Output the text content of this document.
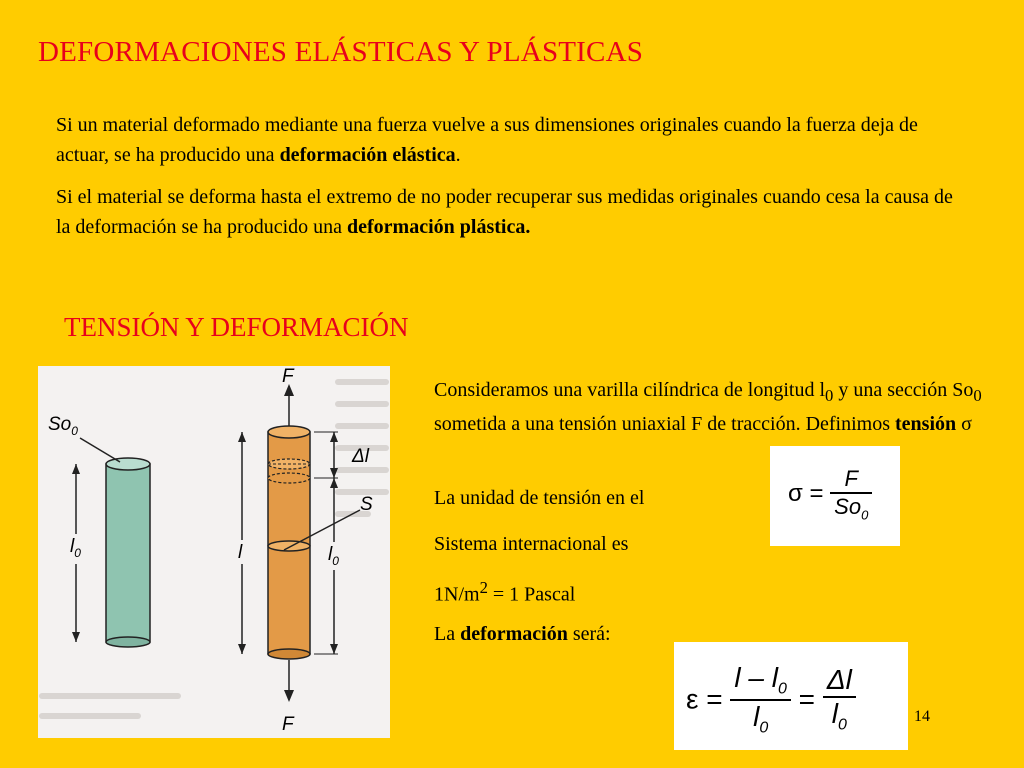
DEFORMACIONES ELÁSTICAS Y PLÁSTICAS
Si un material deformado mediante una fuerza vuelve a sus dimensiones originales cuando la fuerza deja de actuar, se ha producido una deformación elástica.
Si el material se deforma hasta el extremo de no poder recuperar sus medidas originales cuando cesa la causa de la deformación se ha producido una deformación plástica.
TENSIÓN Y DEFORMACIÓN
$So_0$
$l_0$
F
F
Δl
S
l	$l_0$
Consideramos una varilla cilíndrica de longitud $l_0$ y una sección $So_0$ sometida a una tensión uniaxial F de tracción. Definimos tensión σ
La unidad de tensión en el
Sistema internacional es
$1N/m^2 = 1$ Pascal
La deformación será:
$\sigma = \frac{F}{So_0}$
$\varepsilon = \frac{l - l_0}{l_0} = \frac{\Delta l}{l_0}$	14
